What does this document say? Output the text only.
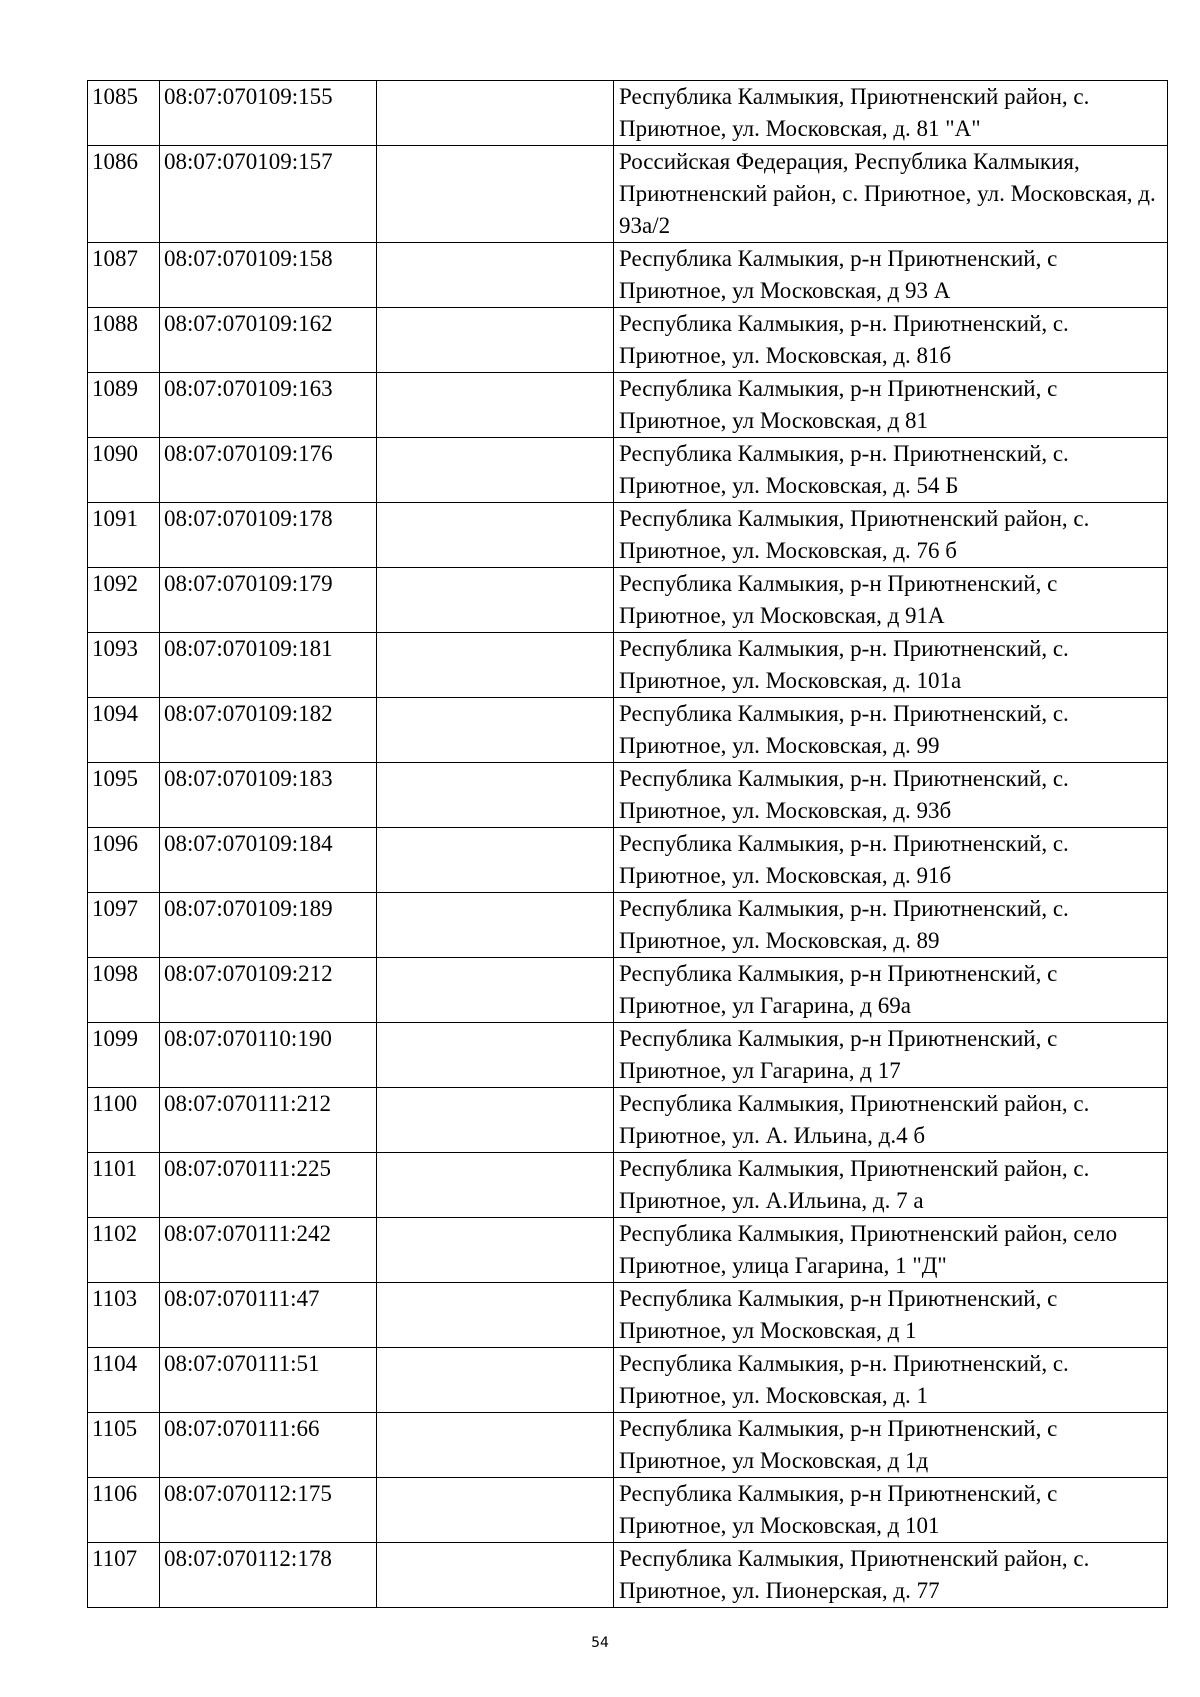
1085	08:07:070109:155		Республика Калмыкия, Приютненский район, с. Приютное, ул. Московская, д. 81 "А"
1086	08:07:070109:157		Российская Федерация, Республика Калмыкия, Приютненский район, с. Приютное, ул. Московская, д. 93а/2
1087	08:07:070109:158		Республика Калмыкия, р-н Приютненский, с Приютное, ул Московская, д 93 А
1088	08:07:070109:162		Республика Калмыкия, р-н. Приютненский, с. Приютное, ул. Московская, д. 81б
1089	08:07:070109:163		Республика Калмыкия, р-н Приютненский, с Приютное, ул Московская, д 81
1090	08:07:070109:176		Республика Калмыкия, р-н. Приютненский, с. Приютное, ул. Московская, д. 54 Б
1091	08:07:070109:178		Республика Калмыкия, Приютненский район, с. Приютное, ул. Московская, д. 76 б
1092	08:07:070109:179		Республика Калмыкия, р-н Приютненский, с Приютное, ул Московская, д 91А
1093	08:07:070109:181		Республика Калмыкия, р-н. Приютненский, с. Приютное, ул. Московская, д. 101а
1094	08:07:070109:182		Республика Калмыкия, р-н. Приютненский, с. Приютное, ул. Московская, д. 99
1095	08:07:070109:183		Республика Калмыкия, р-н. Приютненский, с. Приютное, ул. Московская, д. 93б
1096	08:07:070109:184		Республика Калмыкия, р-н. Приютненский, с. Приютное, ул. Московская, д. 91б
1097	08:07:070109:189		Республика Калмыкия, р-н. Приютненский, с. Приютное, ул. Московская, д. 89
1098	08:07:070109:212		Республика Калмыкия, р-н Приютненский, с Приютное, ул Гагарина, д 69а
1099	08:07:070110:190		Республика Калмыкия, р-н Приютненский, с Приютное, ул Гагарина, д 17
1100	08:07:070111:212		Республика Калмыкия, Приютненский район, с. Приютное, ул. А. Ильина, д.4 б
1101	08:07:070111:225		Республика Калмыкия, Приютненский район, с. Приютное, ул. А.Ильина, д. 7 а
1102	08:07:070111:242		Республика Калмыкия, Приютненский район, село Приютное, улица Гагарина, 1 "Д"
1103	08:07:070111:47		Республика Калмыкия, р-н Приютненский, с Приютное, ул Московская, д 1
1104	08:07:070111:51		Республика Калмыкия, р-н. Приютненский, с. Приютное, ул. Московская, д. 1
1105	08:07:070111:66		Республика Калмыкия, р-н Приютненский, с Приютное, ул Московская, д 1д
1106	08:07:070112:175		Республика Калмыкия, р-н Приютненский, с Приютное, ул Московская, д 101
1107	08:07:070112:178		Республика Калмыкия, Приютненский район, с. Приютное, ул. Пионерская, д. 77
54
